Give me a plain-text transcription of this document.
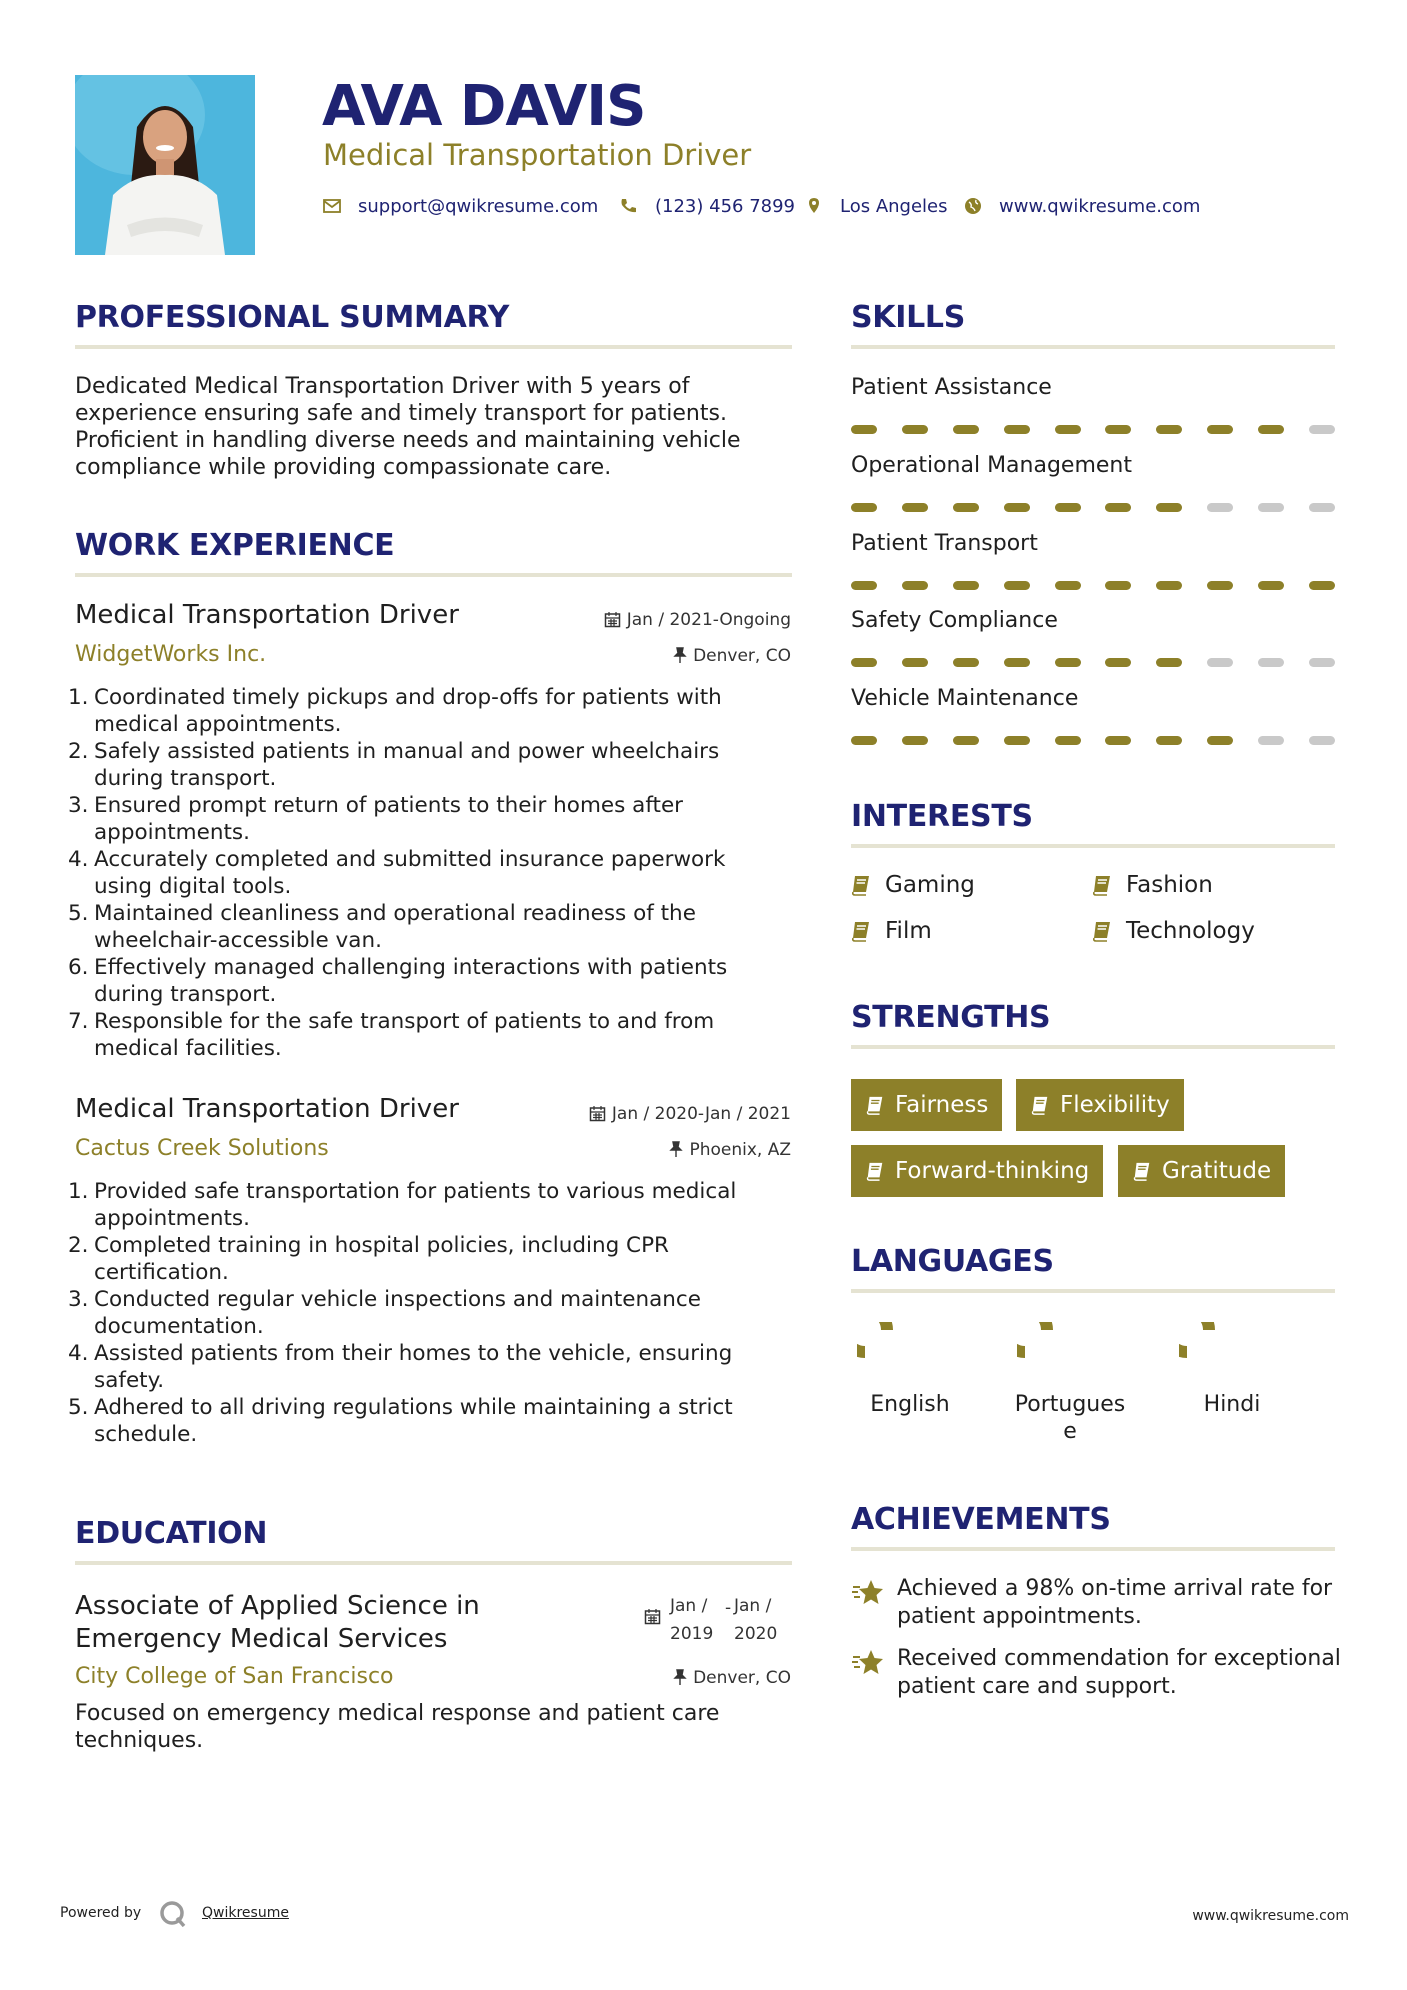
AVA DAVIS
Medical Transportation Driver
support@qwikresume.com	(123) 456 7899 Los Angeles	www.qwikresume.com
PROFESSIONAL SUMMARY
Dedicated Medical Transportation Driver with 5 years of experience ensuring safe and timely transport for patients. Proficient in handling diverse needs and maintaining vehicle compliance while providing compassionate care.
WORK EXPERIENCE
Medical Transportation Driver	Jan / 2021-Ongoing
WidgetWorks Inc.	Denver, CO
1. Coordinated timely pickups and drop-offs for patients with medical appointments.
2. Safely assisted patients in manual and power wheelchairs during transport.
3. Ensured prompt return of patients to their homes after appointments.
4. Accurately completed and submitted insurance paperwork using digital tools.
5. Maintained cleanliness and operational readiness of the wheelchair-accessible van.
6. Effectively managed challenging interactions with patients during transport.
7. Responsible for the safe transport of patients to and from medical facilities.
Medical Transportation Driver	Jan / 2020-Jan / 2021
Cactus Creek Solutions	Phoenix, AZ
1. Provided safe transportation for patients to various medical appointments.
2. Completed training in hospital policies, including CPR certification.
3. Conducted regular vehicle inspections and maintenance documentation.
4. Assisted patients from their homes to the vehicle, ensuring safety.
5. Adhered to all driving regulations while maintaining a strict schedule.
EDUCATION
Associate of Applied Science in
Emergency Medical Services
Jan /
2019
- Jan /
2020
City College of San Francisco	Denver, CO
Focused on emergency medical response and patient care techniques.
SKILLS
Patient Assistance
Operational Management
Patient Transport
Safety Compliance
Vehicle Maintenance
INTERESTS
Gaming	Fashion
Film	Technology
STRENGTHS
Fairness	Flexibility
Forward-thinking	Gratitude
LANGUAGES
English	Portugues
e
Hindi
ACHIEVEMENTS
Achieved a 98% on-time arrival rate for patient appointments.
Received commendation for exceptional patient care and support.
Powered by	Qwikresume	www.qwikresume.com
